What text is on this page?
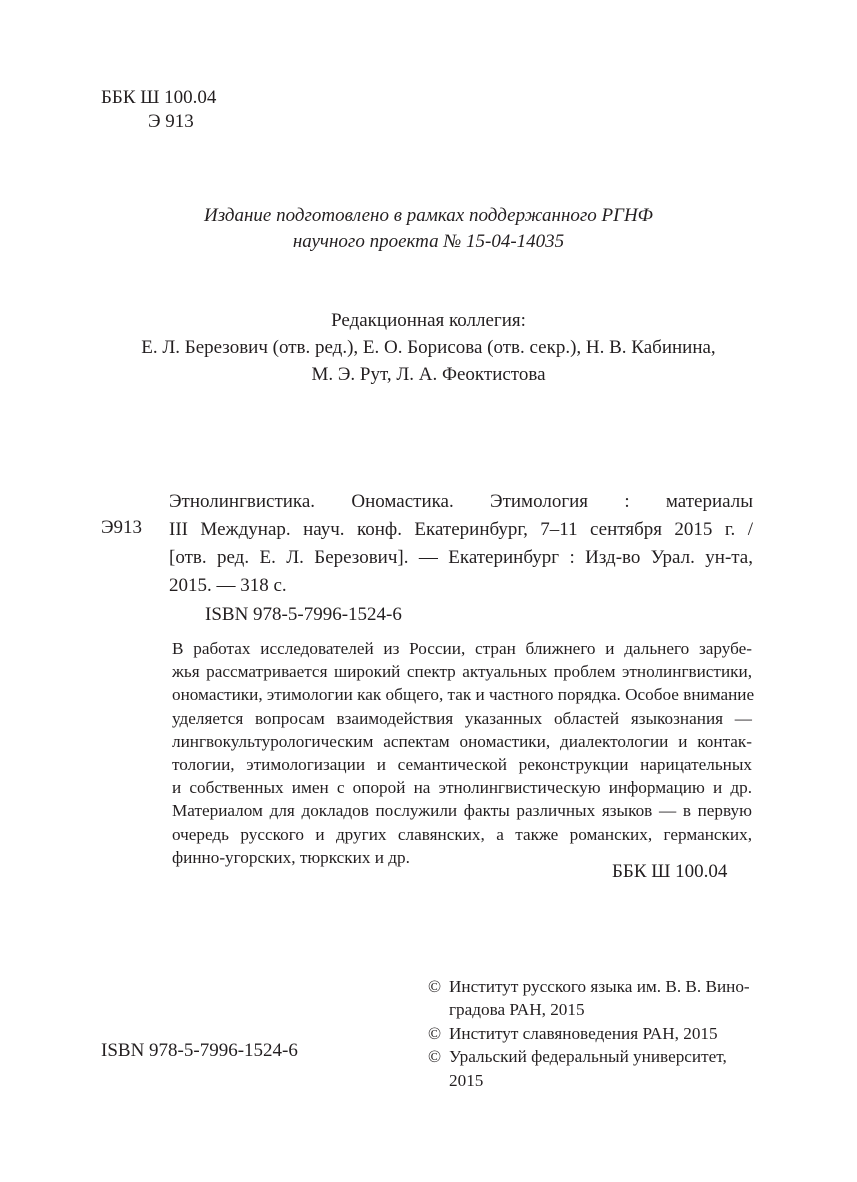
ББК Ш 100.04
Э 913
Издание подготовлено в рамках поддержанного РГНФ
научного проекта № 15-04-14035
Редакционная коллегия:
Е. Л. Березович (отв. ред.), Е. О. Борисова (отв. секр.), Н. В. Кабинина,
М. Э. Рут, Л. А. Феоктистова
Э913
Этнолингвистика. Ономастика. Этимология : материалы
III Междунар. науч. конф. Екатеринбург, 7–11 сентября 2015 г. /
[отв. ред. Е. Л. Березович]. — Екатеринбург : Изд-во Урал. ун-та,
2015. — 318 с.
ISBN 978-5-7996-1524-6
В работах исследователей из России, стран ближнего и дальнего зарубе-
жья рассматривается широкий спектр актуальных проблем этнолингвистики,
ономастики, этимологии как общего, так и частного порядка. Особое внимание
уделяется вопросам взаимодействия указанных областей языкознания —
лингвокультурологическим аспектам ономастики, диалектологии и контак-
тологии, этимологизации и семантической реконструкции нарицательных
и собственных имен с опорой на этнолингвистическую информацию и др.
Материалом для докладов послужили факты различных языков — в первую
очередь русского и других славянских, а также романских, германских,
финно-угорских, тюркских и др.
ББК Ш 100.04
© Институт русского языка им. В. В. Вино-
градова РАН, 2015
© Институт славяноведения РАН, 2015
© Уральский федеральный университет, 2015
ISBN 978-5-7996-1524-6
